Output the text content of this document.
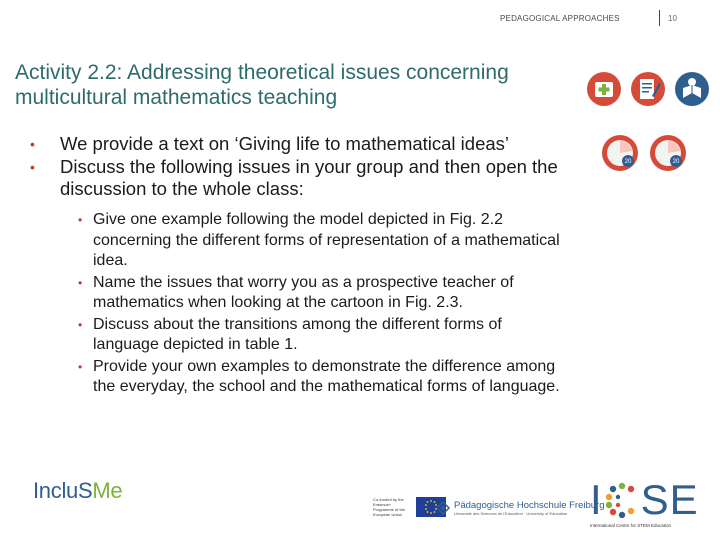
PEDAGOGICAL APPROACHES	10
Activity 2.2: Addressing theoretical issues concerning multicultural mathematics teaching
20	20
•	We provide a text on ‘Giving life to mathematical ideas’
•	Discuss the following issues in your group and then open the discussion to the whole class:
• Give one example following the model depicted in Fig. 2.2 concerning the different forms of representation of a mathematical idea.
• Name the issues that worry you as a prospective teacher of mathematics when looking at the cartoon in Fig. 2.3.
• Discuss about the transitions among the different forms of language depicted in table 1.
• Provide your own examples to demonstrate the difference among the everyday, the school and the mathematical forms of language.
IncluSMe	Co-funded by the Erasmus+ Programme of the European Union
Pädagogische Hochschule Freiburg
Université des Sciences de l'Education · University of Education I SE
International Centre for STEM Education
